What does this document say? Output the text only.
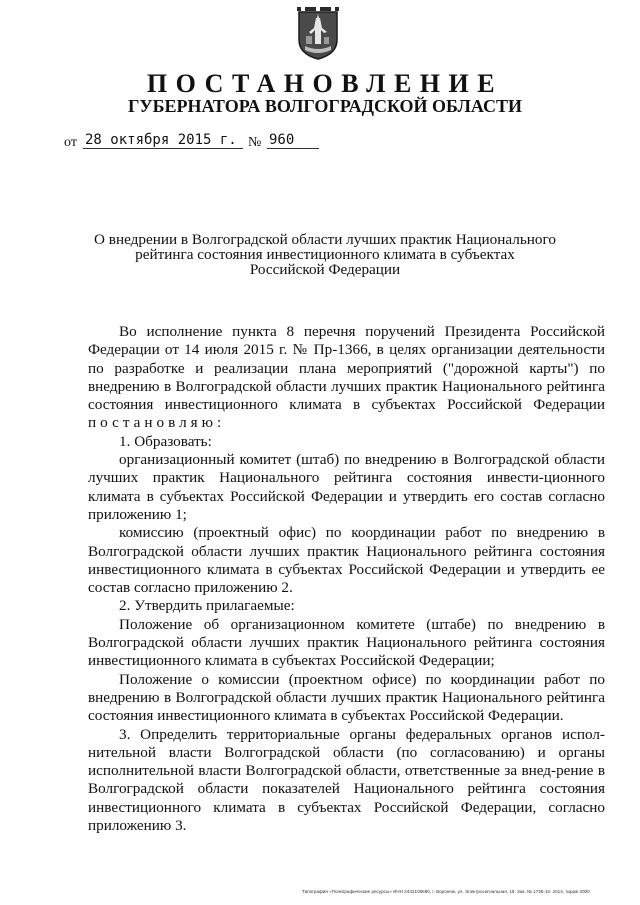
ПОСТАНОВЛЕНИЕ
ГУБЕРНАТОРА ВОЛГОГРАДСКОЙ ОБЛАСТИ
от 28 октября 2015 г. № 960
О внедрении в Волгоградской области лучших практик Национального
рейтинга состояния инвестиционного климата в субъектах
Российской Федерации

Во исполнение пункта 8 перечня поручений Президента Российской Федерации от 14 июля 2015 г. № Пр-1366, в целях организации деятельности по разработке и реализации плана мероприятий ("дорожной карты") по внедрению в Волгоградской области лучших практик Национального рейтинга состояния инвестиционного климата в субъектах Российской Федерации постановляю:

1. Образовать:

организационный комитет (штаб) по внедрению в Волгоградской области лучших практик Национального рейтинга состояния инвести-ционного климата в субъектах Российской Федерации и утвердить его состав согласно приложению 1;

комиссию (проектный офис) по координации работ по внедрению в Волгоградской области лучших практик Национального рейтинга состояния инвестиционного климата в субъектах Российской Федерации и утвердить ее состав согласно приложению 2.

2. Утвердить прилагаемые:

Положение об организационном комитете (штабе) по внедрению в Волгоградской области лучших практик Национального рейтинга состояния инвестиционного климата в субъектах Российской Федерации;

Положение о комиссии (проектном офисе) по координации работ по внедрению в Волгоградской области лучших практик Национального рейтинга состояния инвестиционного климата в субъектах Российской Федерации.

3. Определить территориальные органы федеральных органов испол-нительной власти Волгоградской области (по согласованию) и органы исполнительной власти Волгоградской области, ответственные за внед-рение в Волгоградской области показателей Национального рейтинга состояния инвестиционного климата в субъектах Российской Федерации, согласно приложению 3.

Типография «Полиграфические ресурсы» ИНН 3442106590, г. Воронеж, ул. Электросигнальная, 19. Зак. № 1735-10. 2014, тираж 2000
